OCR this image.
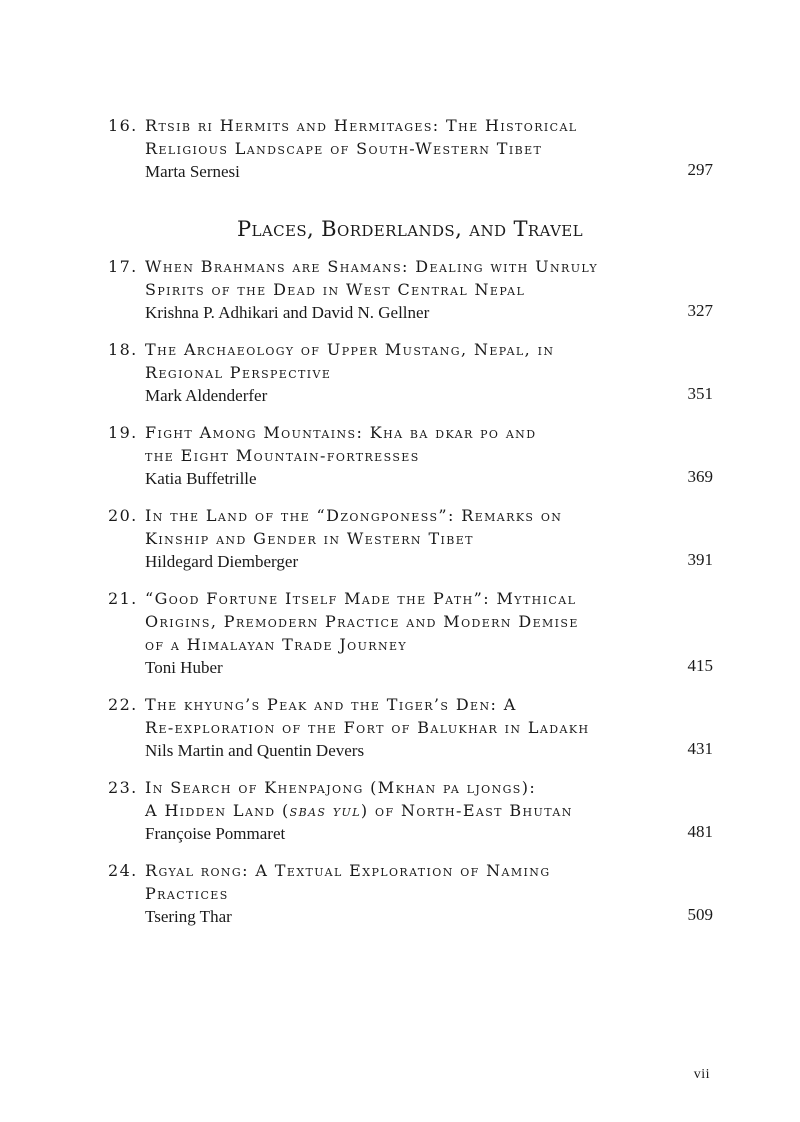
16. Rtsib ri Hermits and Hermitages: The Historical
Religious Landscape of South-Western Tibet
Marta Sernesi	297
Places, Borderlands, and Travel
17. When Brahmans are Shamans: Dealing with Unruly
Spirits of the Dead in West Central Nepal
Krishna P. Adhikari and David N. Gellner	327
18. The Archaeology of Upper Mustang, Nepal, in
Regional Perspective
Mark Aldenderfer	351
19. Fight Among Mountains: Kha ba dkar po and
the Eight Mountain-fortresses
Katia Buffetrille	369
20. In the Land of the “Dzongponess”: Remarks on
Kinship and Gender in Western Tibet
Hildegard Diemberger	391
21. “Good Fortune Itself Made the Path”: Mythical
Origins, Premodern Practice and Modern Demise
of a Himalayan Trade Journey
Toni Huber	415
22. The khyung’s Peak and the Tiger’s Den: A
Re-exploration of the Fort of Balukhar in Ladakh
Nils Martin and Quentin Devers	431
23. In Search of Khenpajong (Mkhan pa ljongs):
A Hidden Land (sbas yul) of North-East Bhutan
Françoise Pommaret	481
24. Rgyal rong: A Textual Exploration of Naming
Practices
Tsering Thar	509
vii
